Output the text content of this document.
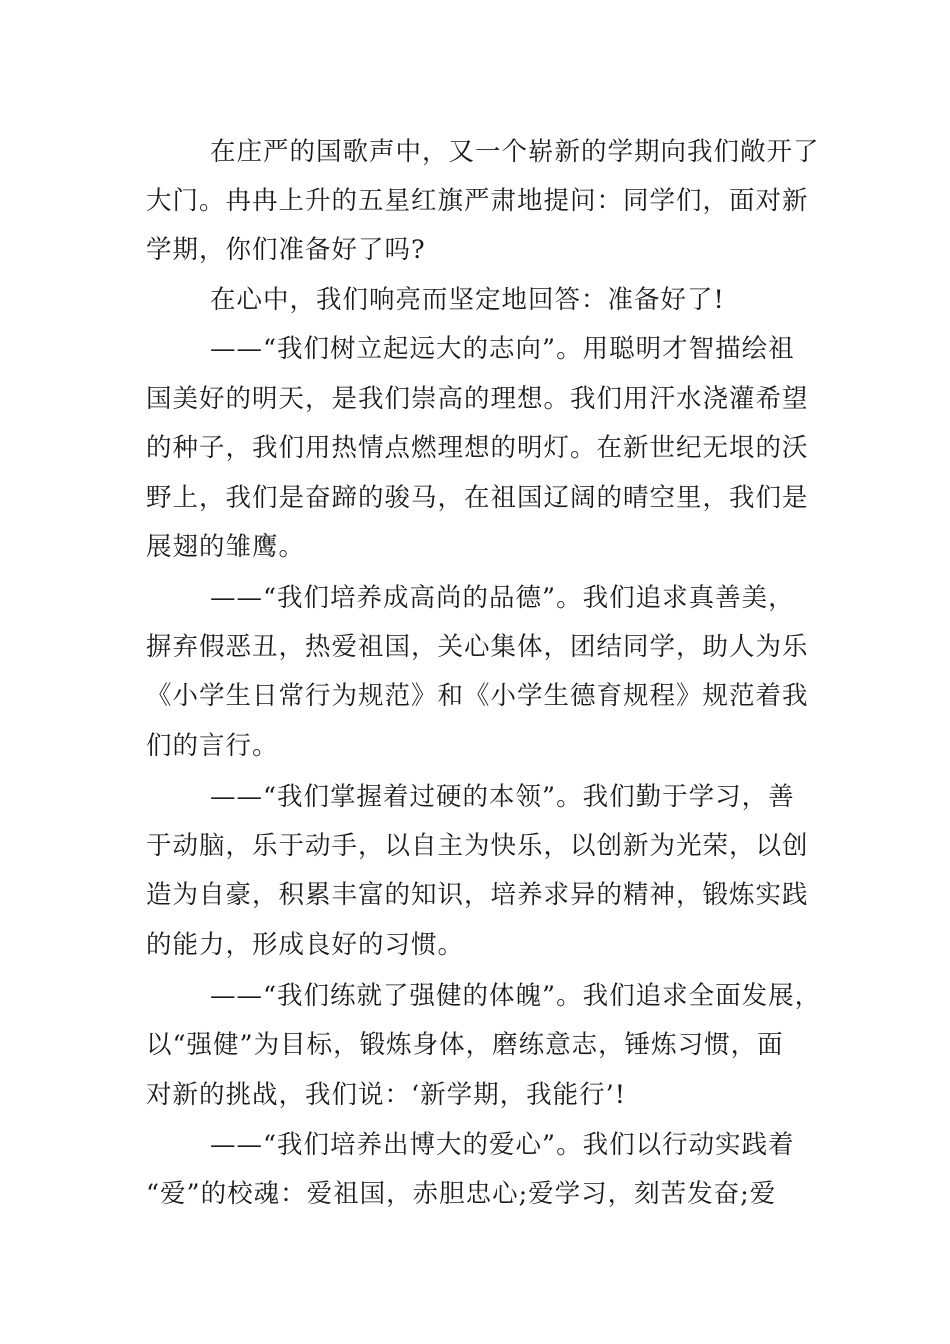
在庄严的国歌声中，又一个崭新的学期向我们敞开了
大门。冉冉上升的五星红旗严肃地提问：同学们，面对新
学期，你们准备好了吗?
在心中，我们响亮而坚定地回答：准备好了!
——“我们树立起远大的志向”。用聪明才智描绘祖
国美好的明天，是我们崇高的理想。我们用汗水浇灌希望
的种子，我们用热情点燃理想的明灯。在新世纪无垠的沃
野上，我们是奋蹄的骏马，在祖国辽阔的晴空里，我们是
展翅的雏鹰。
——“我们培养成高尚的品德”。我们追求真善美，
摒弃假恶丑，热爱祖国，关心集体，团结同学，助人为乐
《小学生日常行为规范》和《小学生德育规程》规范着我
们的言行。
——“我们掌握着过硬的本领”。我们勤于学习，善
于动脑，乐于动手，以自主为快乐，以创新为光荣，以创
造为自豪，积累丰富的知识，培养求异的精神，锻炼实践
的能力，形成良好的习惯。
——“我们练就了强健的体魄”。我们追求全面发展，
以“强健”为目标，锻炼身体，磨练意志，锤炼习惯，面
对新的挑战，我们说：‘新学期，我能行’!
——“我们培养出博大的爱心”。我们以行动实践着
“爱”的校魂：爱祖国，赤胆忠心;爱学习，刻苦发奋;爱
